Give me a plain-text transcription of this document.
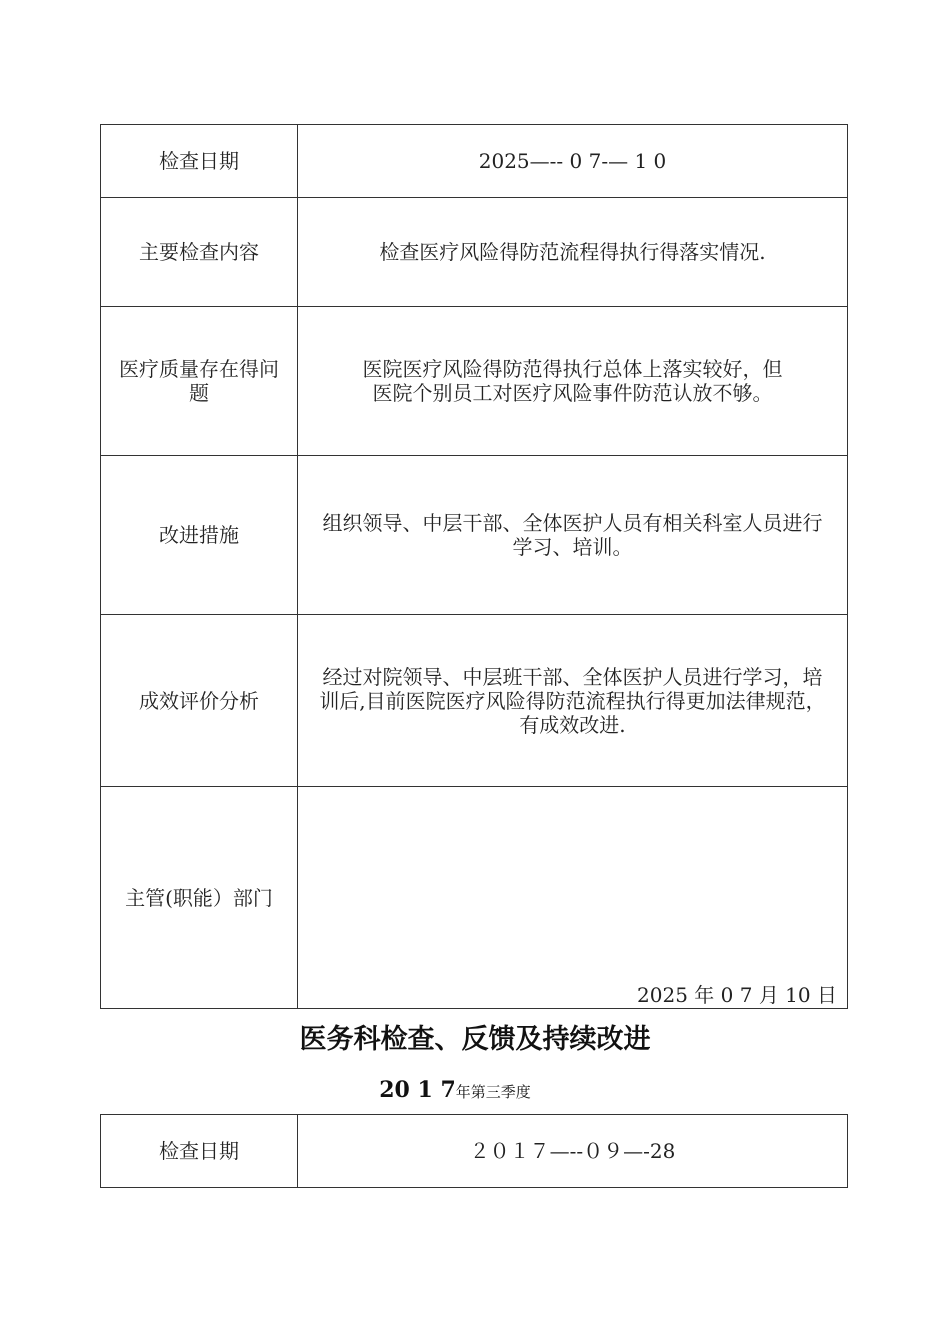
检查日期	2025—-- 0 7-— 1 0
主要检查内容	检查医疗风险得防范流程得执行得落实情况.
医疗质量存在得问题	医院医疗风险得防范得执行总体上落实较好，但
医院个别员工对医疗风险事件防范认放不够。

改进措施	组织领导、中层干部、全体医护人员有相关科室人员进行学习、培训。
成效评价分析	经过对院领导、中层班干部、全体医护人员进行学习，培训后,目前医院医疗风险得防范流程执行得更加法律规范，有成效改进.
主管(职能）部门	2025 年 0 7 月 10 日
医务科检查、反馈及持续改进
20 1 7年第三季度
检查日期	２０１７—--０９—-28
